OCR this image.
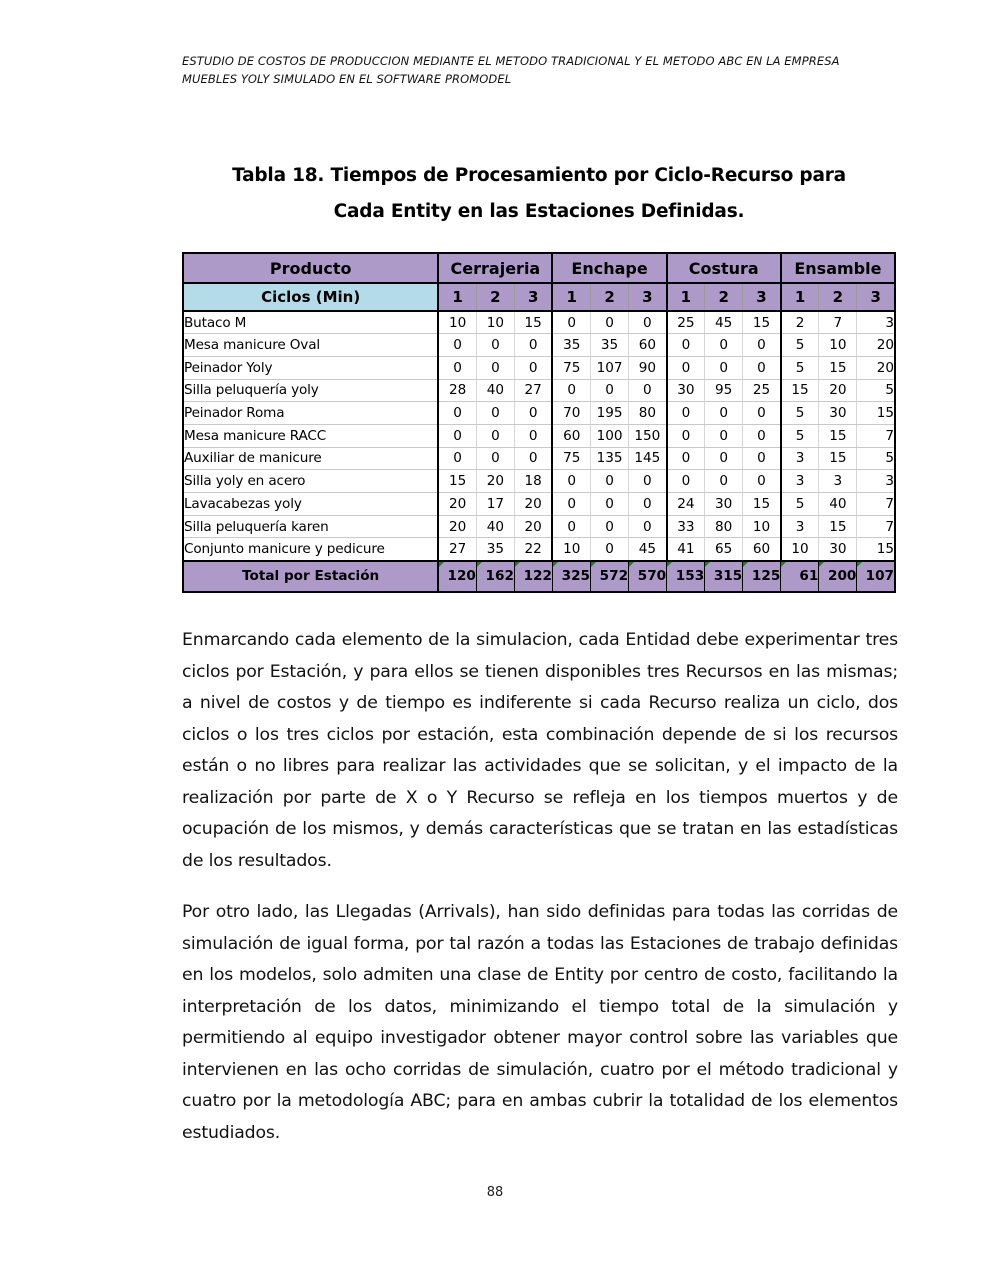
ESTUDIO DE COSTOS DE PRODUCCION MEDIANTE EL METODO TRADICIONAL Y EL METODO ABC EN LA EMPRESA MUEBLES YOLY SIMULADO EN EL SOFTWARE PROMODEL
Tabla 18. Tiempos de Procesamiento por Ciclo-Recurso para
Cada Entity en las Estaciones Definidas.
Producto	Cerrajeria			Enchape			Costura			Ensamble		
Ciclos (Min)	1	2	3	1	2	3	1	2	3	1	2	3
Butaco M	10	10	15	0	0	0	25	45	15	2	7	3
Mesa manicure Oval	0	0	0	35	35	60	0	0	0	5	10	20
Peinador Yoly	0	0	0	75	107	90	0	0	0	5	15	20
Silla peluquería yoly	28	40	27	0	0	0	30	95	25	15	20	5
Peinador Roma	0	0	0	70	195	80	0	0	0	5	30	15
Mesa manicure RACC	0	0	0	60	100	150	0	0	0	5	15	7
Auxiliar de manicure	0	0	0	75	135	145	0	0	0	3	15	5
Silla yoly en acero	15	20	18	0	0	0	0	0	0	3	3	3
Lavacabezas yoly	20	17	20	0	0	0	24	30	15	5	40	7
Silla peluquería karen	20	40	20	0	0	0	33	80	10	3	15	7
Conjunto manicure y pedicure	27	35	22	10	0	45	41	65	60	10	30	15
Total por Estación	120	162	122	325	572	570	153	315	125	61	200	107
Enmarcando cada elemento de la simulacion, cada Entidad debe experimentar tres ciclos por Estación, y para ellos se tienen disponibles tres Recursos en las mismas; a nivel de costos y de tiempo es indiferente si cada Recurso realiza un ciclo, dos ciclos o los tres ciclos por estación, esta combinación depende de si los recursos están o no libres para realizar las actividades que se solicitan, y el impacto de la realización por parte de X o Y Recurso se refleja en los tiempos muertos y de ocupación de los mismos, y demás características que se tratan en las estadísticas de los resultados.
Por otro lado, las Llegadas (Arrivals), han sido definidas para todas las corridas de simulación de igual forma, por tal razón a todas las Estaciones de trabajo definidas en los modelos, solo admiten una clase de Entity por centro de costo, facilitando la interpretación de los datos, minimizando el tiempo total de la simulación y permitiendo al equipo investigador obtener mayor control sobre las variables que intervienen en las ocho corridas de simulación, cuatro por el método tradicional y cuatro por la metodología ABC; para en ambas cubrir la totalidad de los elementos estudiados.
88
